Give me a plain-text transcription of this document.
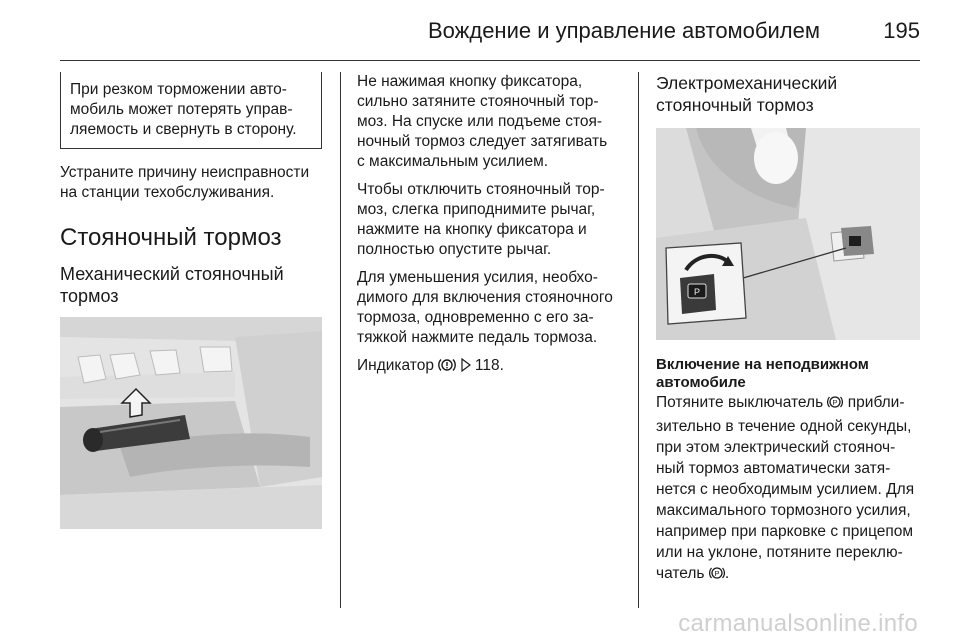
Вождение и управление автомобилем	195
При резком торможении авто-
мобиль может потерять управ-
ляемость и свернуть в сторону.

Устраните причину неисправности
на станции техобслуживания.

Стояночный тормоз
Механический стояночный
тормоз

Не нажимая кнопку фиксатора,
сильно затяните стояночный тор-
моз. На спуске или подъеме стоя-
ночный тормоз следует затягивать
с максимальным усилием.

Чтобы отключить стояночный тор-
моз, слегка приподнимите рычаг,
нажмите на кнопку фиксатора и
полностью опустите рычаг.

Для уменьшения усилия, необхо-
димого для включения стояночного
тормоза, одновременно с его за-
тяжкой нажмите педаль тормоза.

Индикатор	118.

Электромеханический
стояночный тормоз
P
Включение на неподвижном
автомобиле

Потяните выключатель P прибли-
зительно в течение одной секунды,
при этом электрический стояноч-
ный тормоз автоматически затя-
нется с необходимым усилием. Для
максимального тормозного усилия,
например при парковке с прицепом
или на уклоне, потяните переклю-
чатель P .

carmanualsonline.info
